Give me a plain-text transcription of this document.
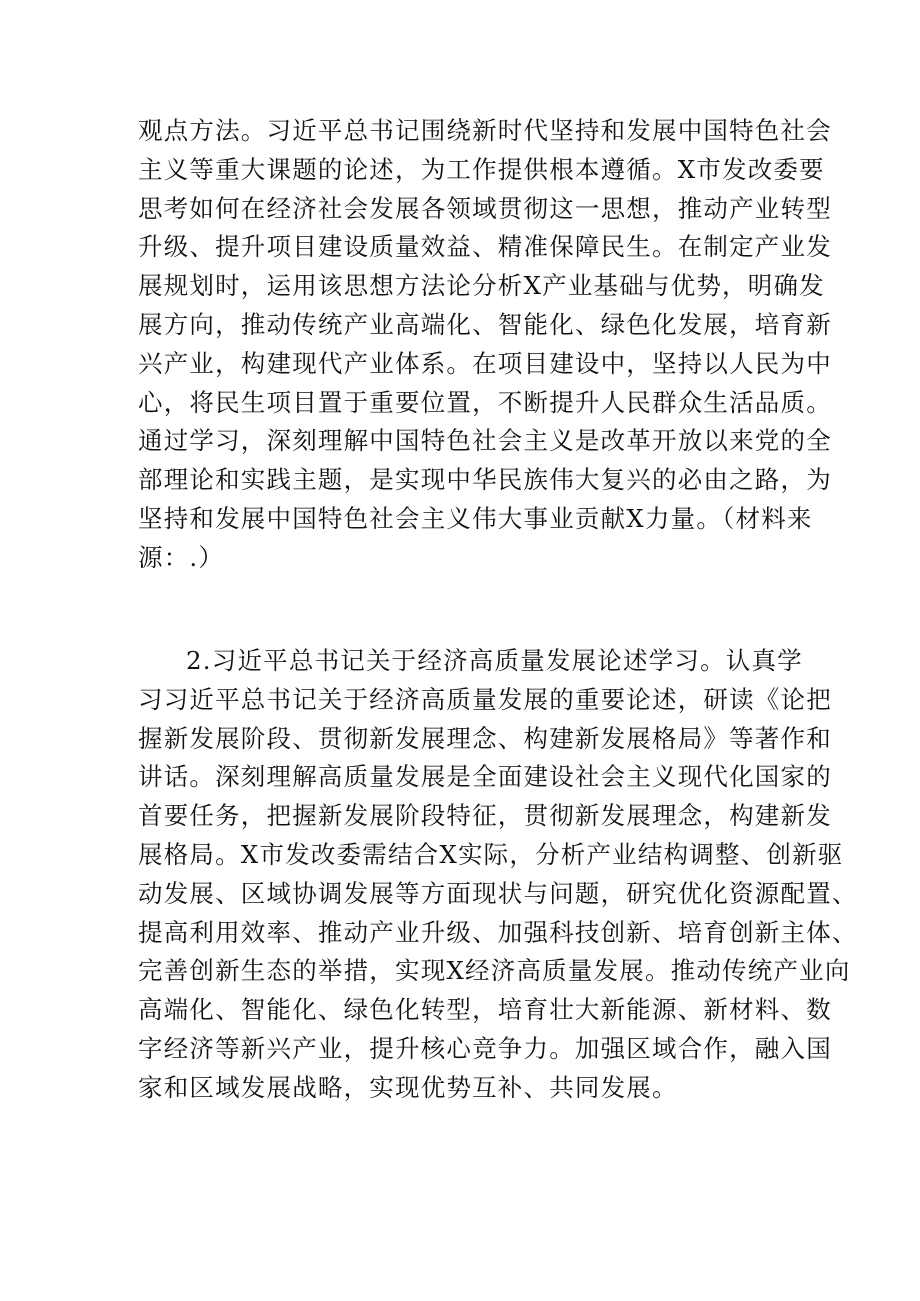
观点方法。习近平总书记围绕新时代坚持和发展中国特色社会
主义等重大课题的论述，为工作提供根本遵循。X市发改委要
思考如何在经济社会发展各领域贯彻这一思想，推动产业转型
升级、提升项目建设质量效益、精准保障民生。在制定产业发
展规划时，运用该思想方法论分析X产业基础与优势，明确发
展方向，推动传统产业高端化、智能化、绿色化发展，培育新
兴产业，构建现代产业体系。在项目建设中，坚持以人民为中
心，将民生项目置于重要位置，不断提升人民群众生活品质。
通过学习，深刻理解中国特色社会主义是改革开放以来党的全
部理论和实践主题，是实现中华民族伟大复兴的必由之路，为
坚持和发展中国特色社会主义伟大事业贡献X力量。（材料来
源：.）
2.习近平总书记关于经济高质量发展论述学习。认真学
习习近平总书记关于经济高质量发展的重要论述，研读《论把
握新发展阶段、贯彻新发展理念、构建新发展格局》等著作和
讲话。深刻理解高质量发展是全面建设社会主义现代化国家的
首要任务，把握新发展阶段特征，贯彻新发展理念，构建新发
展格局。X市发改委需结合X实际，分析产业结构调整、创新驱
动发展、区域协调发展等方面现状与问题，研究优化资源配置、
提高利用效率、推动产业升级、加强科技创新、培育创新主体、
完善创新生态的举措，实现X经济高质量发展。推动传统产业向
高端化、智能化、绿色化转型，培育壮大新能源、新材料、数
字经济等新兴产业，提升核心竞争力。加强区域合作，融入国
家和区域发展战略，实现优势互补、共同发展。
